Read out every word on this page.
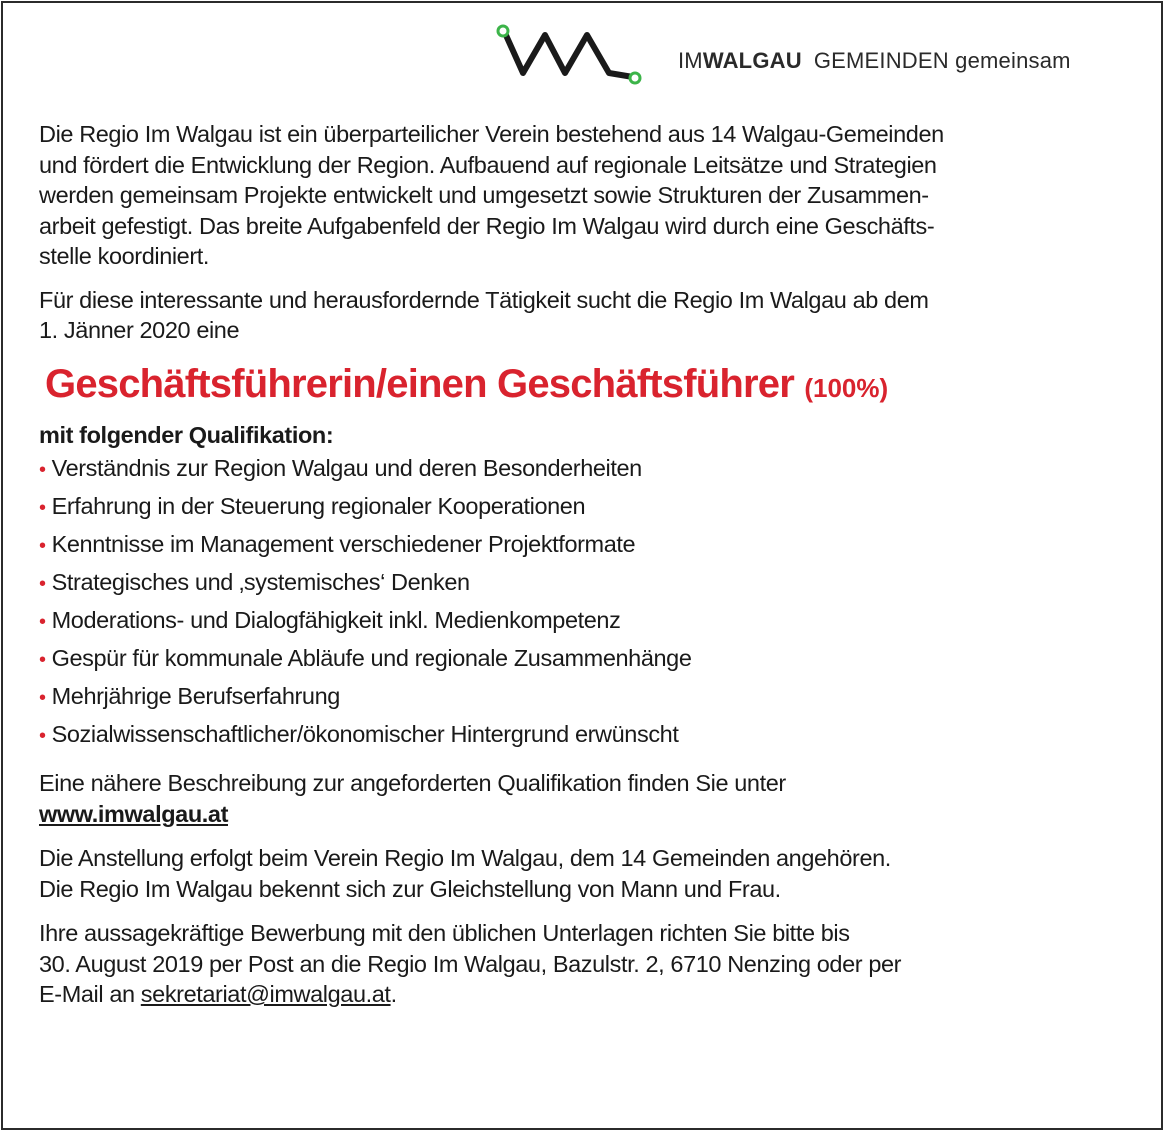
IMWALGAU GEMEINDEN gemeinsam

Die Regio Im Walgau ist ein überparteilicher Verein bestehend aus 14 Walgau-Gemeinden
und fördert die Entwicklung der Region. Aufbauend auf regionale Leitsätze und Strategien
werden gemeinsam Projekte entwickelt und umgesetzt sowie Strukturen der Zusammen-
arbeit gefestigt. Das breite Aufgabenfeld der Regio Im Walgau wird durch eine Geschäfts-
stelle koordiniert.

Für diese interessante und herausfordernde Tätigkeit sucht die Regio Im Walgau ab dem
1. Jänner 2020 eine

Geschäftsführerin/einen Geschäftsführer (100%)

mit folgender Qualifikation:

• Verständnis zur Region Walgau und deren Besonderheiten
• Erfahrung in der Steuerung regionaler Kooperationen
• Kenntnisse im Management verschiedener Projektformate
• Strategisches und ‚systemisches‘ Denken
• Moderations- und Dialogfähigkeit inkl. Medienkompetenz
• Gespür für kommunale Abläufe und regionale Zusammenhänge
• Mehrjährige Berufserfahrung
• Sozialwissenschaftlicher/ökonomischer Hintergrund erwünscht

Eine nähere Beschreibung zur angeforderten Qualifikation finden Sie unter
www.imwalgau.at

Die Anstellung erfolgt beim Verein Regio Im Walgau, dem 14 Gemeinden angehören.
Die Regio Im Walgau bekennt sich zur Gleichstellung von Mann und Frau.

Ihre aussagekräftige Bewerbung mit den üblichen Unterlagen richten Sie bitte bis
30. August 2019 per Post an die Regio Im Walgau, Bazulstr. 2, 6710 Nenzing oder per
E-Mail an sekretariat@imwalgau.at.
